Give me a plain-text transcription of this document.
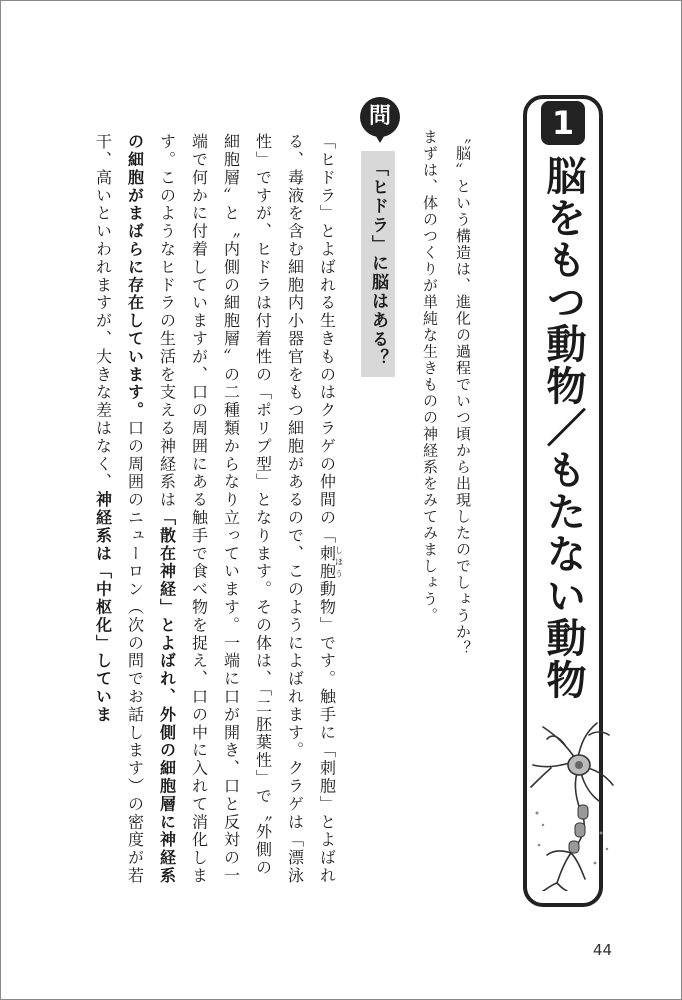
1
脳をもつ動物／もたない動物
〝脳〟という構造は、進化の過程でいつ頃から出現したのでしょうか？　まずは、体のつくりが単純な生きものの神経系をみてみましょう。
問
「ヒドラ」に脳はある？
「ヒドラ」とよばれる生きものはクラゲの仲間の「刺胞しほう動物」です。触手に「刺胞」とよばれる、毒液を含む細胞内小器官をもつ細胞があるので、このようによばれます。クラゲは「漂泳性」ですが、ヒドラは付着性の「ポリプ型」となります。その体は、「二胚葉性」で〝外側の細胞層〟と〝内側の細胞層〟の二種類からなり立っています。一端に口が開き、口と反対の一端で何かに付着していますが、口の周囲にある触手で食べ物を捉え、口の中に入れて消化します。このようなヒドラの生活を支える神経系は「散在神経」とよばれ、外側の細胞層に神経系の細胞がまばらに存在しています。口の周囲のニューロン（次の問でお話します）の密度が若干、高いといわれますが、大きな差はなく、神経系は「中枢化」していま
44
